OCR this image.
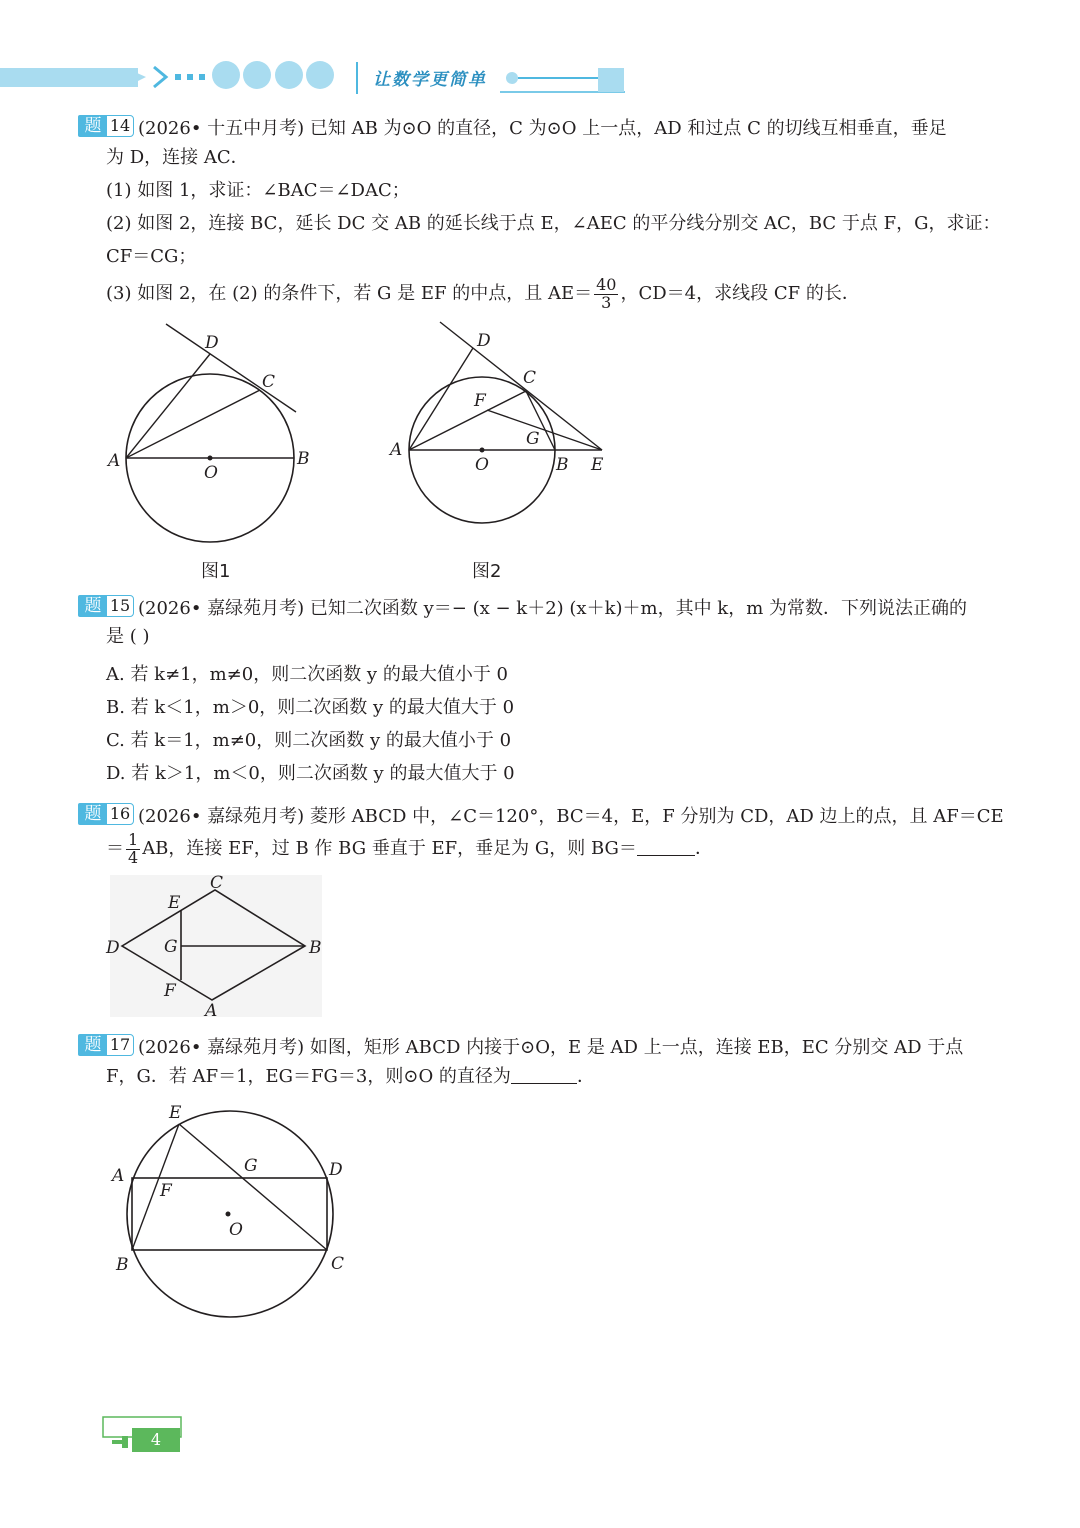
让数学更简单
题 14 (2026• 十五中月考) 已知 AB 为⊙O 的直径，C 为⊙O 上一点，AD 和过点 C 的切线互相垂直，垂足
为 D，连接 AC．
(1) 如图 1，求证：∠BAC＝∠DAC；
(2) 如图 2，连接 BC，延长 DC 交 AB 的延长线于点 E，∠AEC 的平分线分别交 AC，BC 于点 F，G，求证：
CF＝CG；
(3) 如图 2，在 (2) 的条件下，若 G 是 EF 的中点，且 $AE= \frac{40}{3}$ ，CD＝4，求线段 CF 的长．
D
C
A
O
B
图1
D
C
F
G
A
O	B E
图2
题 15 (2026• 嘉绿苑月考) 已知二次函数 y＝− (x − k＋2) (x＋k)＋m，其中 k，m 为常数．下列说法正确的
是 ( )
A. 若 k≠1，m≠0，则二次函数 y 的最大值小于 0
B. 若 k＜1，m＞0，则二次函数 y 的最大值大于 0
C. 若 k＝1，m≠0，则二次函数 y 的最大值小于 0
D. 若 k＞1，m＜0，则二次函数 y 的最大值大于 0
题 16 (2026• 嘉绿苑月考) 菱形 ABCD 中，∠C＝120°，BC＝4，E，F 分别为 CD，AD 边上的点，且 AF＝CE
＝ $\frac{1}{4}$ AB，连接 EF，过 B 作 BG 垂直于 EF，垂足为 G，则 BG＝	．
C
E
D	G	B
F
A
题 17 (2026• 嘉绿苑月考) 如图，矩形 ABCD 内接于⊙O，E 是 AD 上一点，连接 EB，EC 分别交 AD 于点
F，G．若 AF＝1，EG＝FG＝3，则⊙O 的直径为	．
E
G	D
A
F
O
B	C
4
